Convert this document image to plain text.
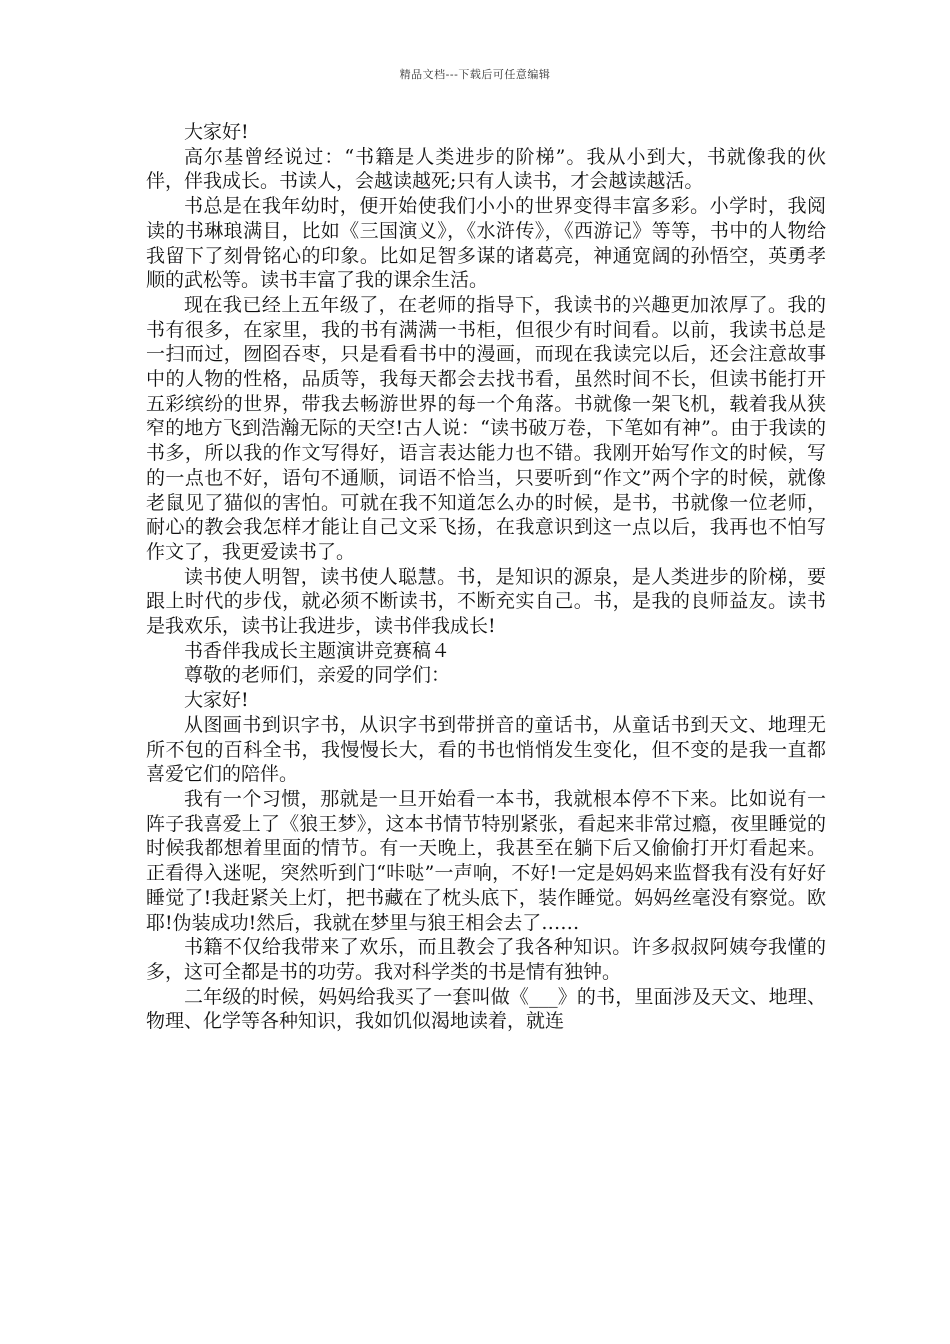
精品文档---下载后可任意编辑

大家好!

高尔基曾经说过：“书籍是人类进步的阶梯”。我从小到大，书就像我的伙伴，伴我成长。书读人，会越读越死;只有人读书，才会越读越活。

书总是在我年幼时，便开始使我们小小的世界变得丰富多彩。小学时，我阅读的书琳琅满目，比如《三国演义》，《水浒传》，《西游记》等等，书中的人物给我留下了刻骨铭心的印象。比如足智多谋的诸葛亮，神通宽阔的孙悟空，英勇孝顺的武松等。读书丰富了我的课余生活。

现在我已经上五年级了，在老师的指导下，我读书的兴趣更加浓厚了。我的书有很多，在家里，我的书有满满一书柜，但很少有时间看。以前，我读书总是一扫而过，囫囵吞枣，只是看看书中的漫画，而现在我读完以后，还会注意故事中的人物的性格，品质等，我每天都会去找书看，虽然时间不长，但读书能打开五彩缤纷的世界，带我去畅游世界的每一个角落。书就像一架飞机，载着我从狭窄的地方飞到浩瀚无际的天空!古人说：“读书破万卷，下笔如有神”。由于我读的书多，所以我的作文写得好，语言表达能力也不错。我刚开始写作文的时候，写的一点也不好，语句不通顺，词语不恰当，只要听到“作文”两个字的时候，就像老鼠见了猫似的害怕。可就在我不知道怎么办的时候，是书，书就像一位老师，耐心的教会我怎样才能让自己文采飞扬，在我意识到这一点以后，我再也不怕写作文了，我更爱读书了。

读书使人明智，读书使人聪慧。书，是知识的源泉，是人类进步的阶梯，要跟上时代的步伐，就必须不断读书，不断充实自己。书，是我的良师益友。读书是我欢乐，读书让我进步，读书伴我成长!

书香伴我成长主题演讲竞赛稿４

尊敬的老师们，亲爱的同学们：

大家好!

从图画书到识字书，从识字书到带拼音的童话书，从童话书到天文、地理无所不包的百科全书，我慢慢长大，看的书也悄悄发生变化，但不变的是我一直都喜爱它们的陪伴。

我有一个习惯，那就是一旦开始看一本书，我就根本停不下来。比如说有一阵子我喜爱上了《狼王梦》，这本书情节特别紧张，看起来非常过瘾，夜里睡觉的时候我都想着里面的情节。有一天晚上，我甚至在躺下后又偷偷打开灯看起来。正看得入迷呢，突然听到门“咔哒”一声响，不好!一定是妈妈来监督我有没有好好睡觉了!我赶紧关上灯，把书藏在了枕头底下，装作睡觉。妈妈丝毫没有察觉。欧耶!伪装成功!然后，我就在梦里与狼王相会去了……

书籍不仅给我带来了欢乐，而且教会了我各种知识。许多叔叔阿姨夸我懂的多，这可全都是书的功劳。我对科学类的书是情有独钟。

二年级的时候，妈妈给我买了一套叫做《___》的书，里面涉及天文、地理、物理、化学等各种知识，我如饥似渴地读着，就连
